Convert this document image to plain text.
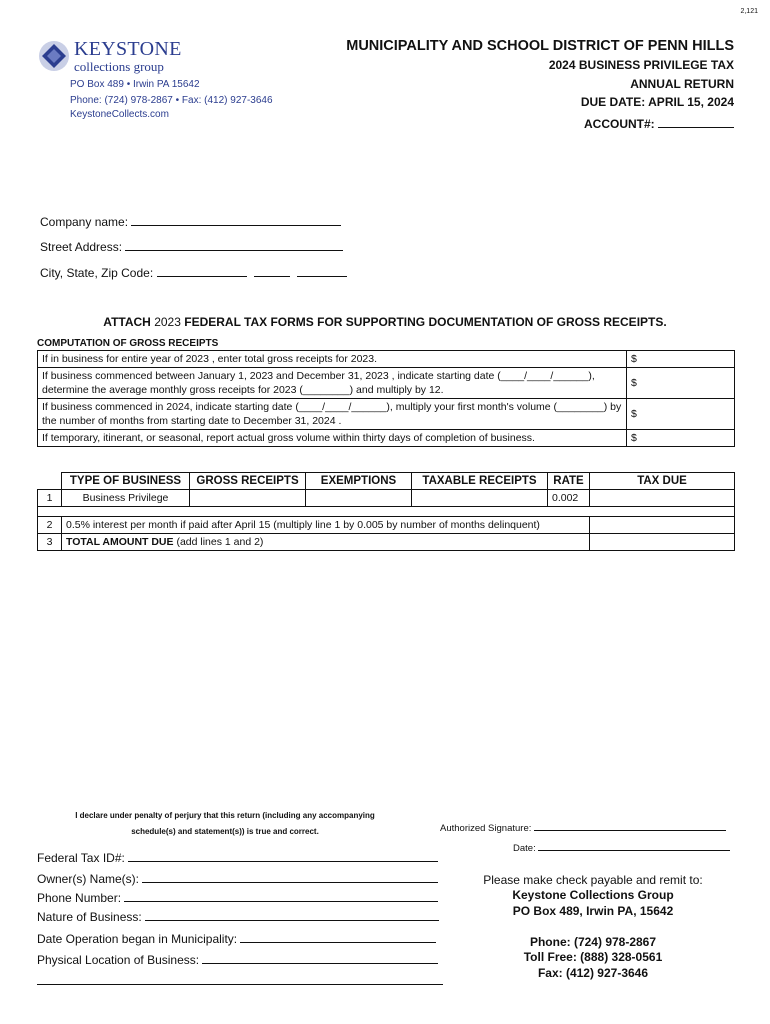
2,121
KEYSTONE
collections group
PO Box 489 • Irwin PA 15642
Phone: (724) 978-2867 • Fax: (412) 927-3646
KeystoneCollects.com
MUNICIPALITY AND SCHOOL DISTRICT OF PENN HILLS
2024 BUSINESS PRIVILEGE TAX
ANNUAL RETURN
DUE DATE: APRIL 15, 2024
ACCOUNT#:
Company name:
Street Address:
City, State, Zip Code:
ATTACH 2023 FEDERAL TAX FORMS FOR SUPPORTING DOCUMENTATION OF GROSS RECEIPTS.
COMPUTATION OF GROSS RECEIPTS
If in business for entire year of 2023 , enter total gross receipts for 2023.	$
If business commenced between January 1, 2023 and December 31, 2023 , indicate starting date (____/____/______), determine the average monthly gross receipts for 2023 (________) and multiply by 12.	$
If business commenced in 2024, indicate starting date (____/____/______), multiply your first month's volume (________) by the number of months from starting date to December 31, 2024 .	$
If temporary, itinerant, or seasonal, report actual gross volume within thirty days of completion of business.	$
	TYPE OF BUSINESS	GROSS RECEIPTS	EXEMPTIONS	TAXABLE RECEIPTS	RATE	TAX DUE
1	Business Privilege				0.002	

2	0.5% interest per month if paid after April 15 (multiply line 1 by 0.005 by number of months delinquent)					
3	TOTAL AMOUNT DUE (add lines 1 and 2)					
I declare under penalty of perjury that this return (including any accompanying
schedule(s) and statement(s)) is true and correct.	Authorized Signature:
Date:
Federal Tax ID#:
Owner(s) Name(s):
Phone Number:
Nature of Business:
Date Operation began in Municipality:
Physical Location of Business:
Please make check payable and remit to:
Keystone Collections Group
PO Box 489, Irwin PA, 15642
Phone: (724) 978-2867
Toll Free: (888) 328-0561
Fax: (412) 927-3646
